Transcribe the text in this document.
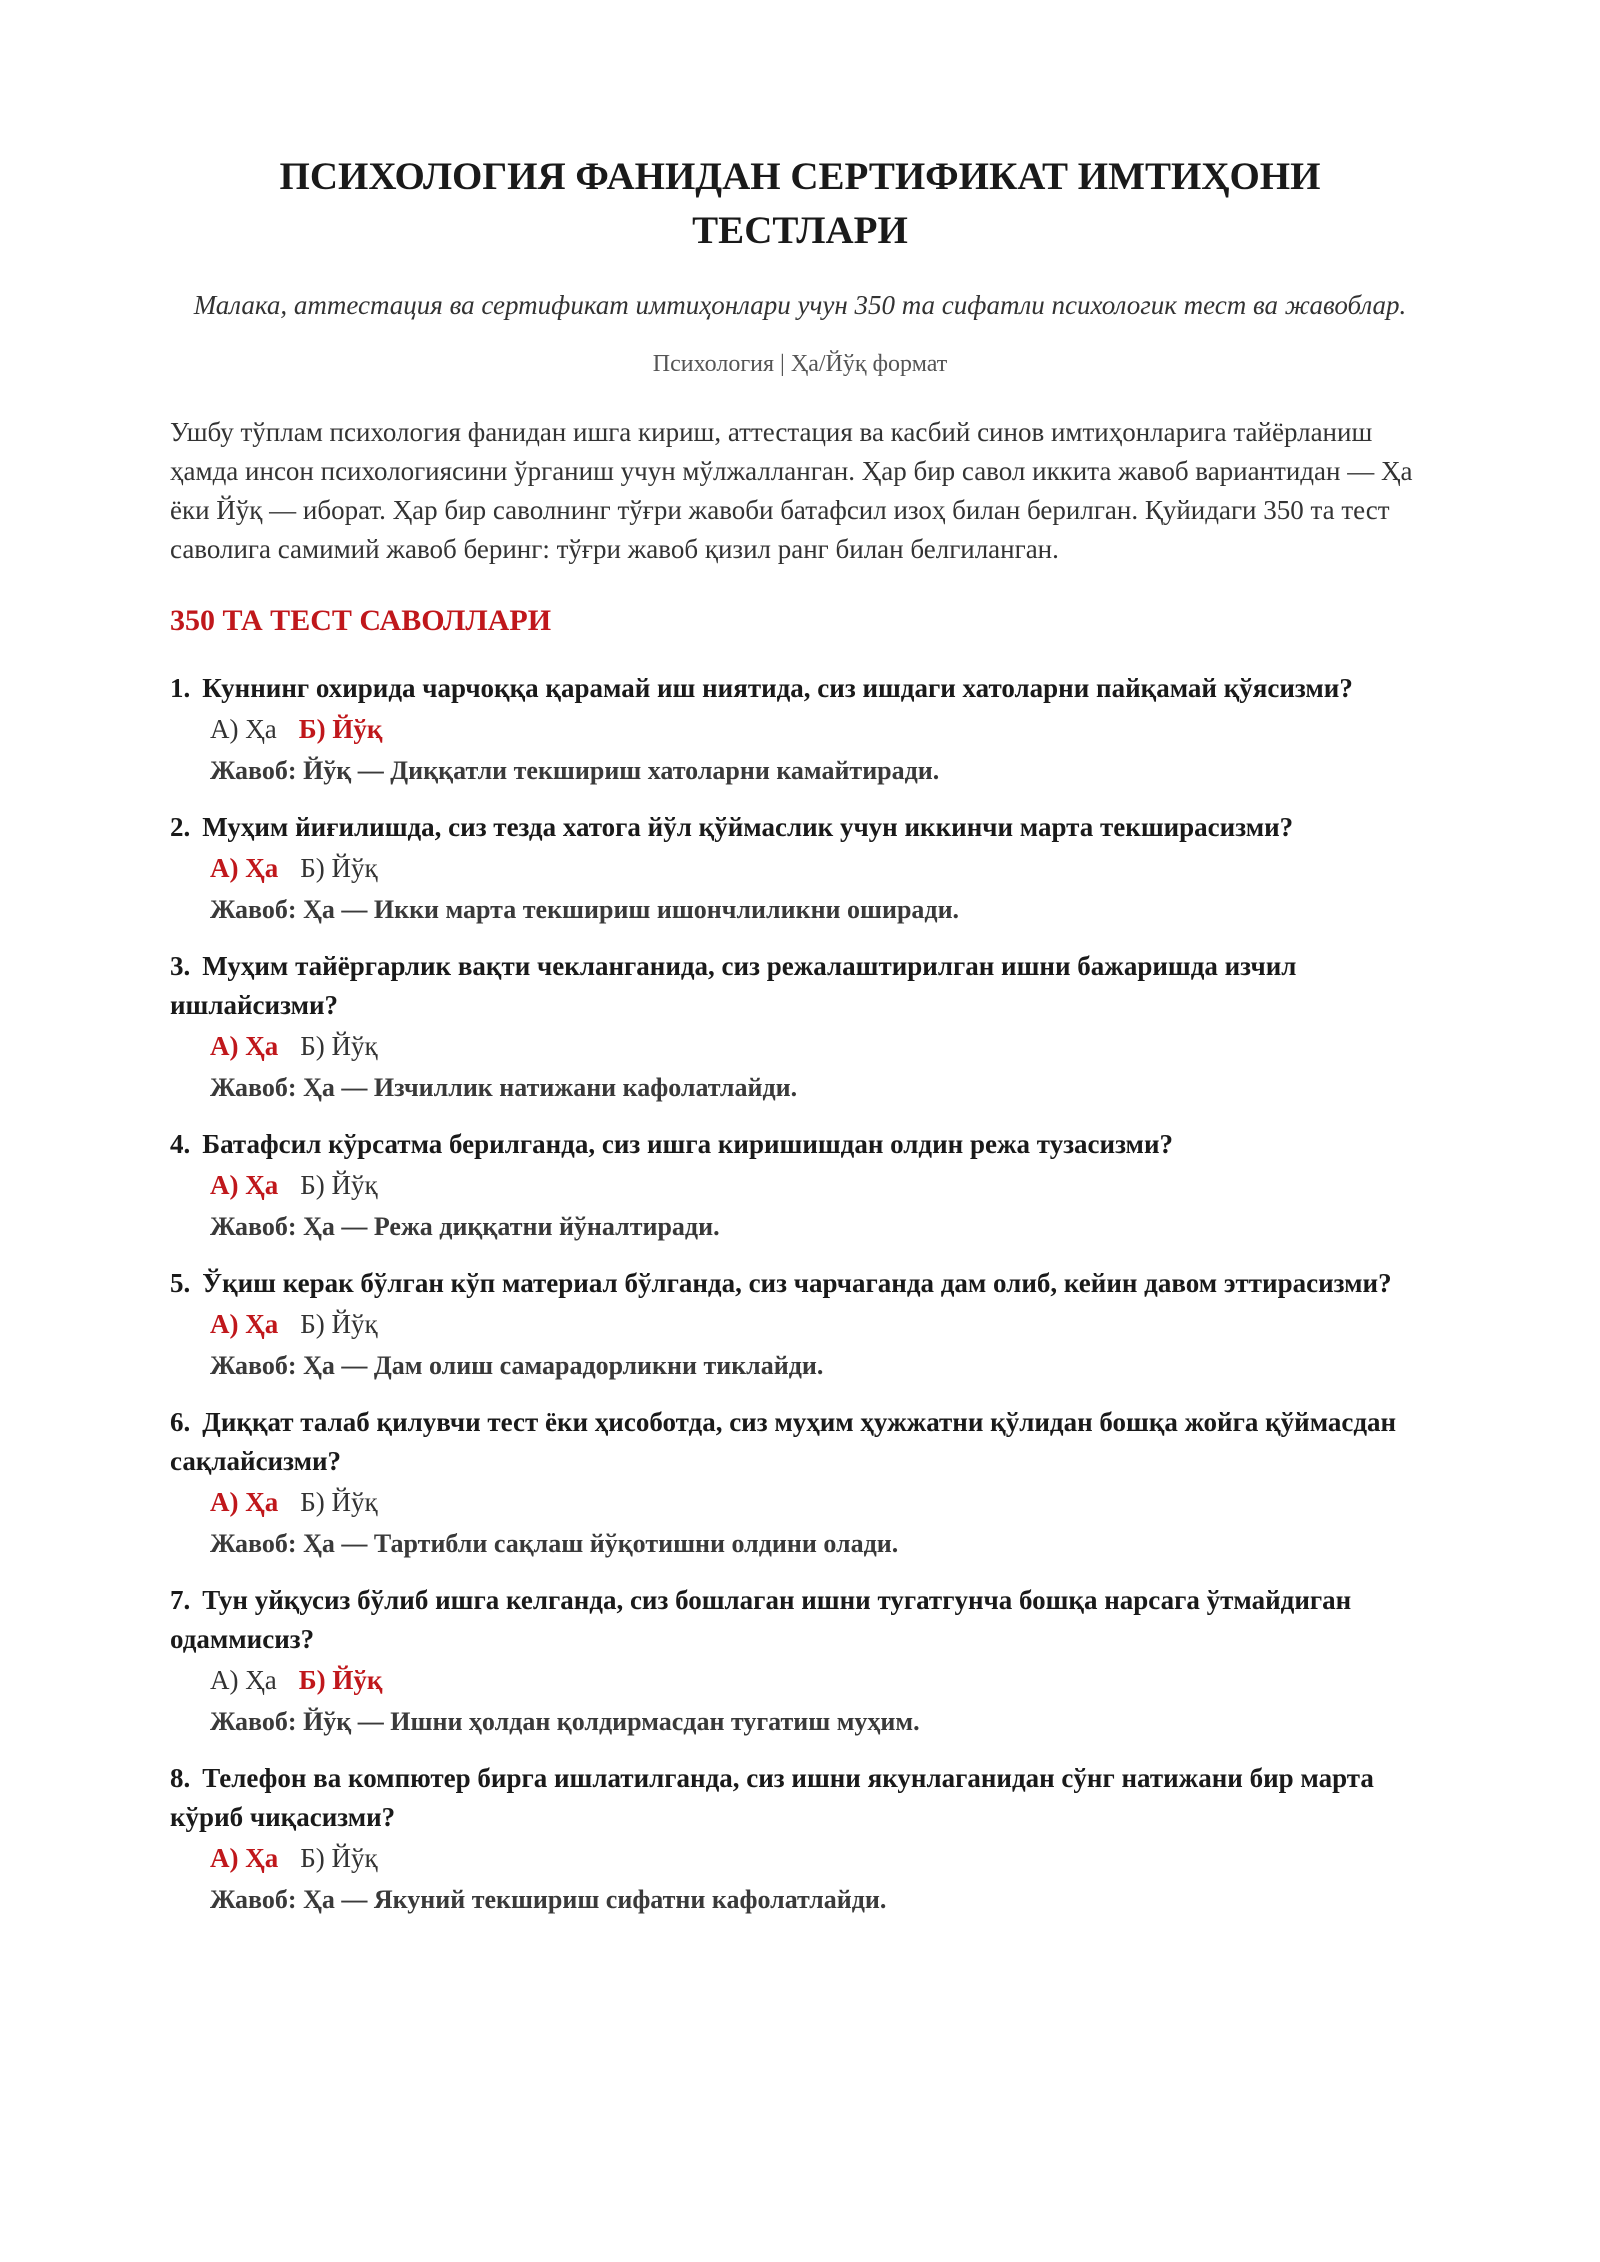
ПСИХОЛОГИЯ ФАНИДАН СЕРТИФИКАТ ИМТИҲОНИ ТЕСТЛАРИ

Малака, аттестация ва сертификат имтиҳонлари учун 350 та сифатли психологик тест ва жавоблар.

Психология | Ҳа/Йўқ формат

Ушбу тўплам психология фанидан ишга кириш, аттестация ва касбий синов имтиҳонларига тайёрланиш ҳамда инсон психологиясини ўрганиш учун мўлжалланган. Ҳар бир савол иккита жавоб вариантидан — Ҳа ёки Йўқ — иборат. Ҳар бир саволнинг тўғри жавоби батафсил изоҳ билан берилган. Қуйидаги 350 та тест саволига самимий жавоб беринг: тўғри жавоб қизил ранг билан белгиланган.

350 ТА ТЕСТ САВОЛЛАРИ
1. Куннинг охирида чарчоққа қарамай иш ниятида, сиз ишдаги хатоларни пайқамай қўясизми?
А) Ҳа Б) Йўқ
Жавоб: Йўқ — Диққатли текшириш хатоларни камайтиради.
2. Муҳим йиғилишда, сиз тезда хатога йўл қўймаслик учун иккинчи марта текширасизми?
А) Ҳа Б) Йўқ
Жавоб: Ҳа — Икки марта текшириш ишончлиликни оширади.
3. Муҳим тайёргарлик вақти чекланганида, сиз режалаштирилган ишни бажаришда изчил ишлайсизми?
А) Ҳа Б) Йўқ
Жавоб: Ҳа — Изчиллик натижани кафолатлайди.
4. Батафсил кўрсатма берилганда, сиз ишга киришишдан олдин режа тузасизми?
А) Ҳа Б) Йўқ
Жавоб: Ҳа — Режа диққатни йўналтиради.
5. Ўқиш керак бўлган кўп материал бўлганда, сиз чарчаганда дам олиб, кейин давом эттирасизми?
А) Ҳа Б) Йўқ
Жавоб: Ҳа — Дам олиш самарадорликни тиклайди.
6. Диққат талаб қилувчи тест ёки ҳисоботда, сиз муҳим ҳужжатни қўлидан бошқа жойга қўймасдан сақлайсизми?
А) Ҳа Б) Йўқ
Жавоб: Ҳа — Тартибли сақлаш йўқотишни олдини олади.
7. Тун уйқусиз бўлиб ишга келганда, сиз бошлаган ишни тугатгунча бошқа нарсага ўтмайдиган одаммисиз?
А) Ҳа Б) Йўқ
Жавоб: Йўқ — Ишни ҳолдан қолдирмасдан тугатиш муҳим.
8. Телефон ва компютер бирга ишлатилганда, сиз ишни якунлаганидан сўнг натижани бир марта кўриб чиқасизми?
А) Ҳа Б) Йўқ
Жавоб: Ҳа — Якуний текшириш сифатни кафолатлайди.
